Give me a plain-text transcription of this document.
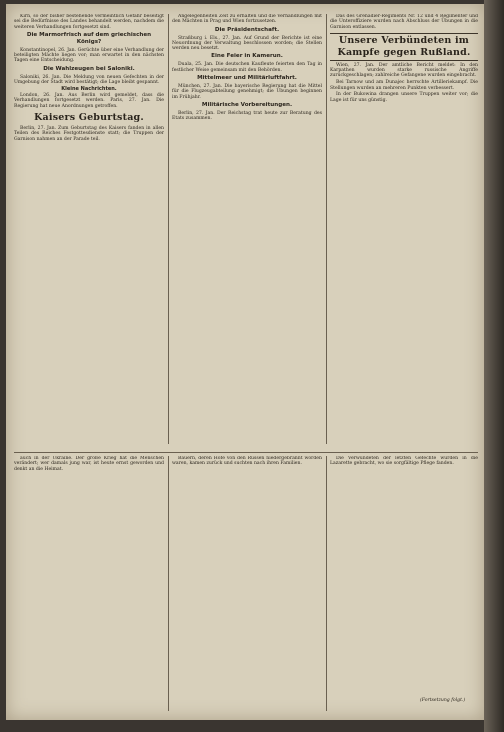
Kirn, so der bisher bestehende vermeintlich Gefahr beseitigt sei die Bedürfnisse des Landes behandelt werden, nachdem die weiteren Verhandlungen fortgesetzt sind.

Die Marmorfrisch auf dem griechischen Königs?

Konstantinopel, 26. Jan. Gerüchte über eine Verhandlung der beteiligten Mächte liegen vor; man erwartet in den nächsten Tagen eine Entscheidung.

Die Wahlzeugen bei Saloniki.

Saloniki, 26. Jan. Die Meldung von neuen Gefechten in der Umgebung der Stadt wird bestätigt; die Lage bleibt gespannt.

Kleine Nachrichten.

London, 26. Jan. Aus Berlin wird gemeldet, dass die Verhandlungen fortgesetzt werden. Paris, 27. Jan. Die Regierung hat neue Anordnungen getroffen.

Kaisers Geburtstag.

Berlin, 27. Jan. Zum Geburtstag des Kaisers fanden in allen Teilen des Reiches Festgottesdienste statt; die Truppen der Garnison nahmen an der Parade teil.

Angelegenheiten Zeit zu erhalten und die Verhandlungen mit den Mächten in Prag und Wien fortzusetzen.

Die Präsidentschaft.

Straßburg i. Els., 27. Jan. Auf Grund der Berichte ist eine Neuordnung der Verwaltung beschlossen worden; die Stellen werden neu besetzt.

Eine Feier in Kamerun.

Duala, 25. Jan. Die deutschen Kaufleute feierten den Tag in festlicher Weise gemeinsam mit den Behörden.

Mittelmeer und Militärluftfahrt.

München, 27. Jan. Die bayerische Regierung hat die Mittel für die Flugzeugabteilung genehmigt; die Übungen beginnen im Frühjahr.

Militärische Vorbereitungen.

Berlin, 27. Jan. Der Reichstag trat heute zur Beratung des Etats zusammen.

Das des Grenadier-Regiments Nr. 12 und 4 Regimenter und die Unteroffiziere wurden nach Abschluss der Übungen in die Garnison entlassen.

Unsere Verbündeten im Kampfe gegen Rußland.

Wien, 27. Jan. Der amtliche Bericht meldet: In den Karpathen wurden starke russische Angriffe zurückgeschlagen; zahlreiche Gefangene wurden eingebracht.

Bei Tarnow und am Dunajec herrschte Artilleriekampf. Die Stellungen wurden an mehreren Punkten verbessert.

In der Bukowina drangen unsere Truppen weiter vor; die Lage ist für uns günstig.

auch in der Ukraine. Der große Krieg hat die Menschen verändert; wer damals jung war, ist heute ernst geworden und denkt an die Heimat.

Bauern, deren Höfe von den Russen niedergebrannt worden waren, kamen zurück und suchten nach ihren Familien.

Die Verwundeten der letzten Gefechte wurden in die Lazarette gebracht, wo sie sorgfältige Pflege fanden.

(Fortsetzung folgt.)
